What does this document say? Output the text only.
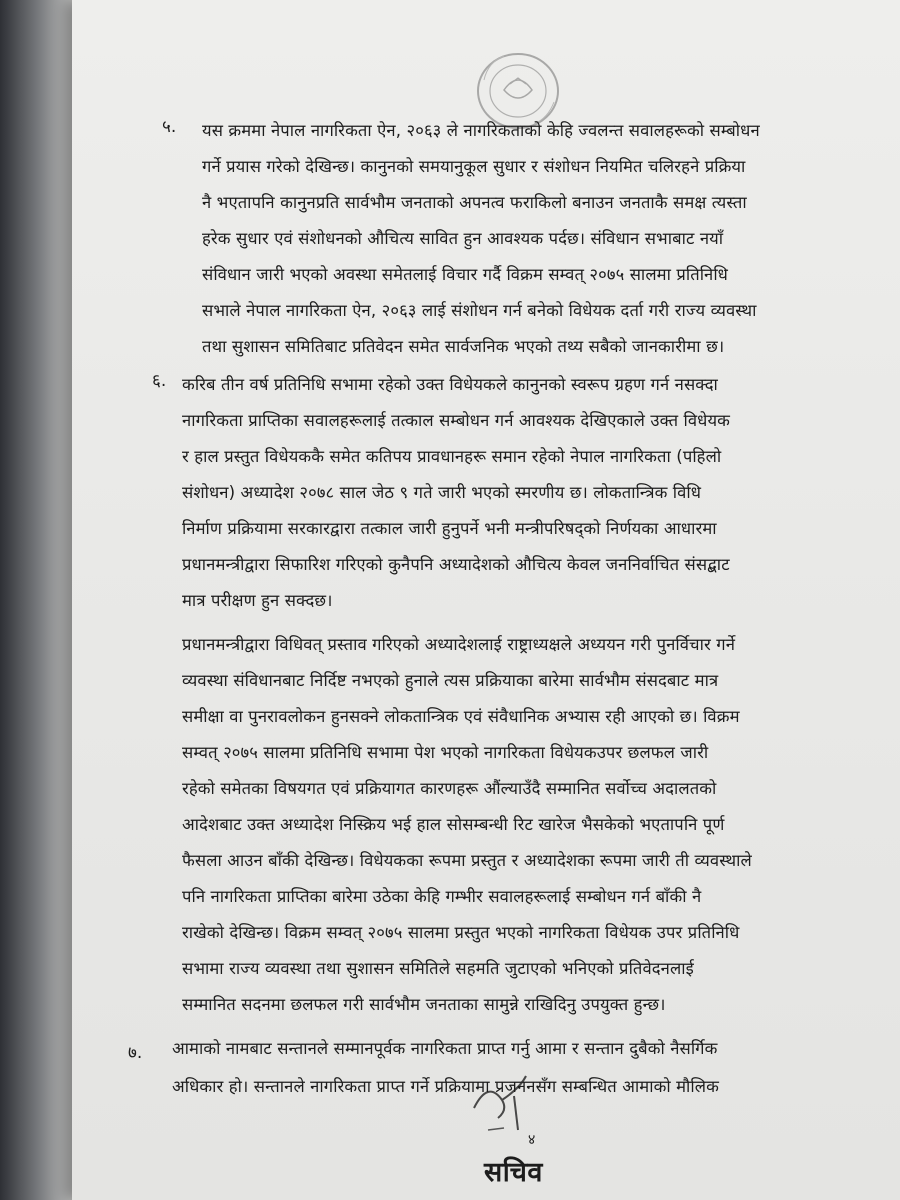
५. यस क्रममा नेपाल नागरिकता ऐन, २०६३ ले नागरिकताको केहि ज्वलन्त सवालहरूको सम्बोधन
गर्ने प्रयास गरेको देखिन्छ। कानुनको समयानुकूल सुधार र संशोधन नियमित चलिरहने प्रक्रिया
नै भएतापनि कानुनप्रति सार्वभौम जनताको अपनत्व फराकिलो बनाउन जनताकै समक्ष त्यस्ता
हरेक सुधार एवं संशोधनको औचित्य सावित हुन आवश्यक पर्दछ। संविधान सभाबाट नयाँ
संविधान जारी भएको अवस्था समेतलाई विचार गर्दै विक्रम सम्वत् २०७५ सालमा प्रतिनिधि
सभाले नेपाल नागरिकता ऐन, २०६३ लाई संशोधन गर्न बनेको विधेयक दर्ता गरी राज्य व्यवस्था
तथा सुशासन समितिबाट प्रतिवेदन समेत सार्वजनिक भएको तथ्य सबैको जानकारीमा छ।
६. करिब तीन वर्ष प्रतिनिधि सभामा रहेको उक्त विधेयकले कानुनको स्वरूप ग्रहण गर्न नसक्दा
नागरिकता प्राप्तिका सवालहरूलाई तत्काल सम्बोधन गर्न आवश्यक देखिएकाले उक्त विधेयक
र हाल प्रस्तुत विधेयककै समेत कतिपय प्रावधानहरू समान रहेको नेपाल नागरिकता (पहिलो
संशोधन) अध्यादेश २०७८ साल जेठ ९ गते जारी भएको स्मरणीय छ। लोकतान्त्रिक विधि
निर्माण प्रक्रियामा सरकारद्वारा तत्काल जारी हुनुपर्ने भनी मन्त्रीपरिषद्को निर्णयका आधारमा
प्रधानमन्त्रीद्वारा सिफारिश गरिएको कुनैपनि अध्यादेशको औचित्य केवल जननिर्वाचित संसद्बाट
मात्र परीक्षण हुन सक्दछ।
प्रधानमन्त्रीद्वारा विधिवत् प्रस्ताव गरिएको अध्यादेशलाई राष्ट्राध्यक्षले अध्ययन गरी पुनर्विचार गर्ने
व्यवस्था संविधानबाट निर्दिष्ट नभएको हुनाले त्यस प्रक्रियाका बारेमा सार्वभौम संसदबाट मात्र
समीक्षा वा पुनरावलोकन हुनसक्ने लोकतान्त्रिक एवं संवैधानिक अभ्यास रही आएको छ। विक्रम
सम्वत् २०७५ सालमा प्रतिनिधि सभामा पेश भएको नागरिकता विधेयकउपर छलफल जारी
रहेको समेतका विषयगत एवं प्रक्रियागत कारणहरू औंल्याउँदै सम्मानित सर्वोच्च अदालतको
आदेशबाट उक्त अध्यादेश निस्क्रिय भई हाल सोसम्बन्धी रिट खारेज भैसकेको भएतापनि पूर्ण
फैसला आउन बाँकी देखिन्छ। विधेयकका रूपमा प्रस्तुत र अध्यादेशका रूपमा जारी ती व्यवस्थाले
पनि नागरिकता प्राप्तिका बारेमा उठेका केहि गम्भीर सवालहरूलाई सम्बोधन गर्न बाँकी नै
राखेको देखिन्छ। विक्रम सम्वत् २०७५ सालमा प्रस्तुत भएको नागरिकता विधेयक उपर प्रतिनिधि
सभामा राज्य व्यवस्था तथा सुशासन समितिले सहमति जुटाएको भनिएको प्रतिवेदनलाई
सम्मानित सदनमा छलफल गरी सार्वभौम जनताका सामुन्ने राखिदिनु उपयुक्त हुन्छ।
७. आमाको नामबाट सन्तानले सम्मानपूर्वक नागरिकता प्राप्त गर्नु आमा र सन्तान दुबैको नैसर्गिक
अधिकार हो। सन्तानले नागरिकता प्राप्त गर्ने प्रक्रियामा प्रजननसँग सम्बन्धित आमाको मौलिक
४
सचिव
